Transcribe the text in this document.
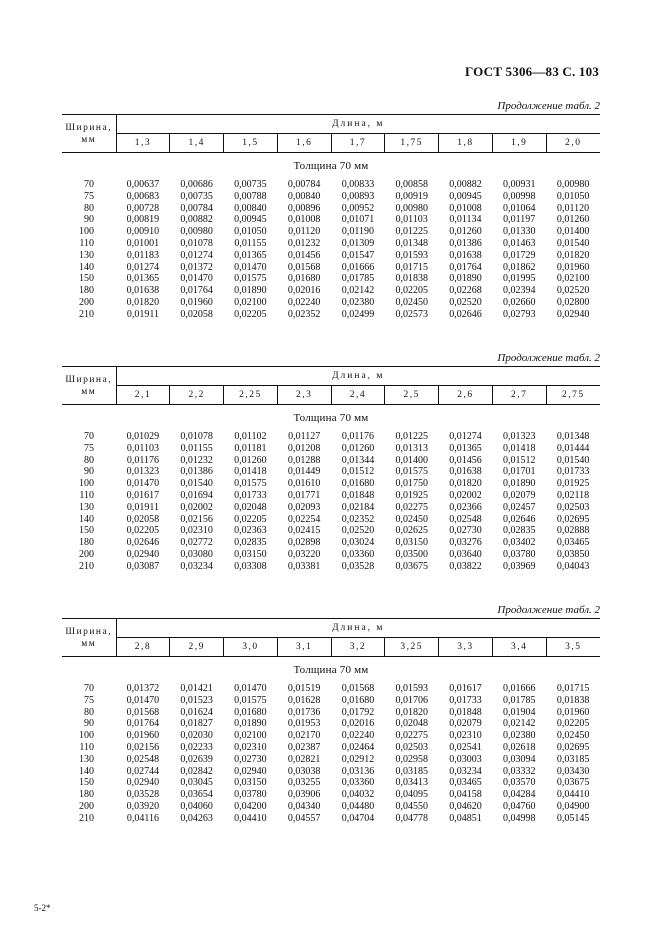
ГОСТ 5306—83 С. 103
Продолжение табл. 2
Ширина,
мм	Длина, м								
	1,3	1,4	1,5	1,6	1,7	1,75	1,8	1,9	2,0
Толщина 70 мм									
70	0,00637	0,00686	0,00735	0,00784	0,00833	0,00858	0,00882	0,00931	0,00980
75	0,00683	0,00735	0,00788	0,00840	0,00893	0,00919	0,00945	0,00998	0,01050
80	0,00728	0,00784	0,00840	0,00896	0,00952	0,00980	0,01008	0,01064	0,01120
90	0,00819	0,00882	0,00945	0,01008	0,01071	0,01103	0,01134	0,01197	0,01260
100	0,00910	0,00980	0,01050	0,01120	0,01190	0,01225	0,01260	0,01330	0,01400
110	0,01001	0,01078	0,01155	0,01232	0,01309	0,01348	0,01386	0,01463	0,01540
130	0,01183	0,01274	0,01365	0,01456	0,01547	0,01593	0,01638	0,01729	0,01820
140	0,01274	0,01372	0,01470	0,01568	0,01666	0,01715	0,01764	0,01862	0,01960
150	0,01365	0,01470	0,01575	0,01680	0,01785	0,01838	0,01890	0,01995	0,02100
180	0,01638	0,01764	0,01890	0,02016	0,02142	0,02205	0,02268	0,02394	0,02520
200	0,01820	0,01960	0,02100	0,02240	0,02380	0,02450	0,02520	0,02660	0,02800
210	0,01911	0,02058	0,02205	0,02352	0,02499	0,02573	0,02646	0,02793	0,02940
Продолжение табл. 2
Ширина,
мм	Длина, м								
	2,1	2,2	2,25	2,3	2,4	2,5	2,6	2,7	2,75
Толщина 70 мм									
70	0,01029	0,01078	0,01102	0,01127	0,01176	0,01225	0,01274	0,01323	0,01348
75	0,01103	0,01155	0,01181	0,01208	0,01260	0,01313	0,01365	0,01418	0,01444
80	0,01176	0,01232	0,01260	0,01288	0,01344	0,01400	0,01456	0,01512	0,01540
90	0,01323	0,01386	0,01418	0,01449	0,01512	0,01575	0,01638	0,01701	0,01733
100	0,01470	0,01540	0,01575	0,01610	0,01680	0,01750	0,01820	0,01890	0,01925
110	0,01617	0,01694	0,01733	0,01771	0,01848	0,01925	0,02002	0,02079	0,02118
130	0,01911	0,02002	0,02048	0,02093	0,02184	0,02275	0,02366	0,02457	0,02503
140	0,02058	0,02156	0,02205	0,02254	0,02352	0,02450	0,02548	0,02646	0,02695
150	0,02205	0,02310	0,02363	0,02415	0,02520	0,02625	0,02730	0,02835	0,02888
180	0,02646	0,02772	0,02835	0,02898	0,03024	0,03150	0,03276	0,03402	0,03465
200	0,02940	0,03080	0,03150	0,03220	0,03360	0,03500	0,03640	0,03780	0,03850
210	0,03087	0,03234	0,03308	0,03381	0,03528	0,03675	0,03822	0,03969	0,04043
Продолжение табл. 2
Ширина,
мм	Длина, м								
	2,8	2,9	3,0	3,1	3,2	3,25	3,3	3,4	3,5
Толщина 70 мм									
70	0,01372	0,01421	0,01470	0,01519	0,01568	0,01593	0,01617	0,01666	0,01715
75	0,01470	0,01523	0,01575	0,01628	0,01680	0,01706	0,01733	0,01785	0,01838
80	0,01568	0,01624	0,01680	0,01736	0,01792	0,01820	0,01848	0,01904	0,01960
90	0,01764	0,01827	0,01890	0,01953	0,02016	0,02048	0,02079	0,02142	0,02205
100	0,01960	0,02030	0,02100	0,02170	0,02240	0,02275	0,02310	0,02380	0,02450
110	0,02156	0,02233	0,02310	0,02387	0,02464	0,02503	0,02541	0,02618	0,02695
130	0,02548	0,02639	0,02730	0,02821	0,02912	0,02958	0,03003	0,03094	0,03185
140	0,02744	0,02842	0,02940	0,03038	0,03136	0,03185	0,03234	0,03332	0,03430
150	0,02940	0,03045	0,03150	0,03255	0,03360	0,03413	0,03465	0,03570	0,03675
180	0,03528	0,03654	0,03780	0,03906	0,04032	0,04095	0,04158	0,04284	0,04410
200	0,03920	0,04060	0,04200	0,04340	0,04480	0,04550	0,04620	0,04760	0,04900
210	0,04116	0,04263	0,04410	0,04557	0,04704	0,04778	0,04851	0,04998	0,05145
5-2*
